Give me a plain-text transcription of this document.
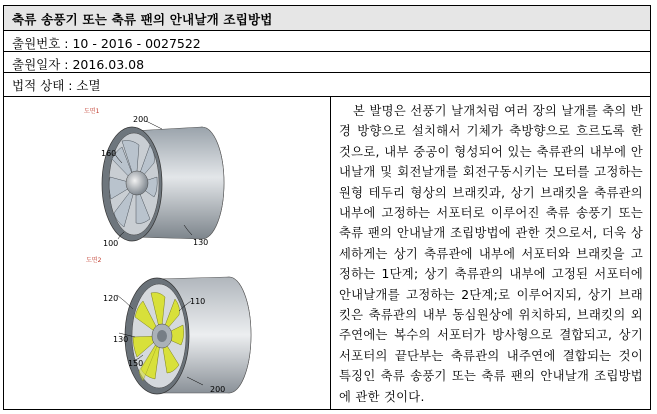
축류 송풍기 또는 축류 팬의 안내날개 조립방법
출원번호 : 10 - 2016 - 0027522
출원일자 : 2016.03.08
법적 상태 : 소멸
도면1
200
160
100	130
도면2
120	110
130
150
200
본 발명은 선풍기 날개처럼 여러 장의 날개를 축의 반경 방향으로 설치해서 기체가 축방향으로 흐르도록 한 것으로, 내부 중공이 형성되어 있는 축류관의 내부에 안내날개 및 회전날개를 회전구동시키는 모터를 고정하는 원형 테두리 형상의 브래킷과, 상기 브래킷을 축류관의 내부에 고정하는 서포터로 이루어진 축류 송풍기 또는 축류 팬의 안내날개 조립방법에 관한 것으로서, 더욱 상세하게는 상기 축류관에 내부에 서포터와 브래킷을 고정하는 1단계; 상기 축류관의 내부에 고정된 서포터에 안내날개를 고정하는 2단계;로 이루어지되, 상기 브래킷은 축류관의 내부 동심원상에 위치하되, 브래킷의 외주연에는 복수의 서포터가 방사형으로 결합되고, 상기 서포터의 끝단부는 축류관의 내주연에 결합되는 것이 특징인 축류 송풍기 또는 축류 팬의 안내날개 조립방법에 관한 것이다.
